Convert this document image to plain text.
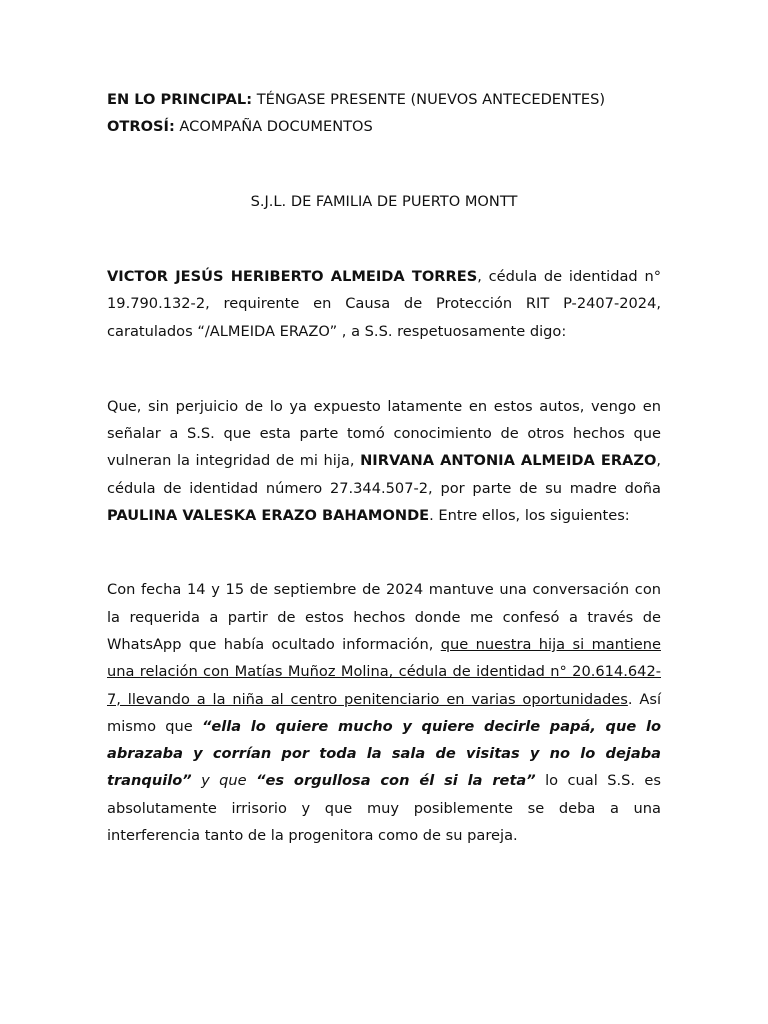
EN LO PRINCIPAL: TÉNGASE PRESENTE (NUEVOS ANTECEDENTES)
OTROSÍ: ACOMPAÑA DOCUMENTOS

S.J.L. DE FAMILIA DE PUERTO MONTT

VICTOR JESÚS HERIBERTO ALMEIDA TORRES, cédula de identidad n° 19.790.132-2, requirente en Causa de Protección RIT P-2407-2024, caratulados “/ALMEIDA ERAZO” , a S.S. respetuosamente digo:

Que, sin perjuicio de lo ya expuesto latamente en estos autos, vengo en señalar a S.S. que esta parte tomó conocimiento de otros hechos que vulneran la integridad de mi hija, NIRVANA ANTONIA ALMEIDA ERAZO, cédula de identidad número 27.344.507-2, por parte de su madre doña PAULINA VALESKA ERAZO BAHAMONDE. Entre ellos, los siguientes:

Con fecha 14 y 15 de septiembre de 2024 mantuve una conversación con la requerida a partir de estos hechos donde me confesó a través de WhatsApp que había ocultado información, que nuestra hija si mantiene una relación con Matías Muñoz Molina, cédula de identidad n° 20.614.642-7, llevando a la niña al centro penitenciario en varias oportunidades. Así mismo que “ella lo quiere mucho y quiere decirle papá, que lo abrazaba y corrían por toda la sala de visitas y no lo dejaba tranquilo” y que “es orgullosa con él si la reta” lo cual S.S. es absolutamente irrisorio y que muy posiblemente se deba a una interferencia tanto de la progenitora como de su pareja.
